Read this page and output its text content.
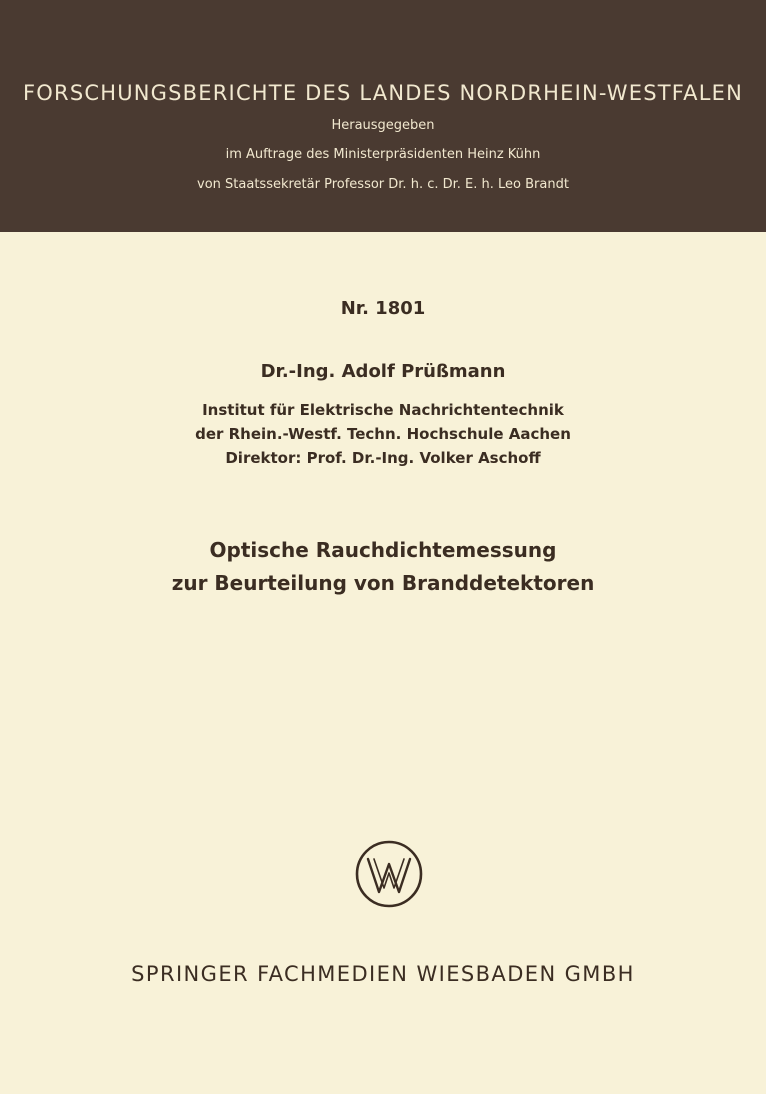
FORSCHUNGSBERICHTE DES LANDES NORDRHEIN-WESTFALEN
Herausgegeben
im Auftrage des Ministerpräsidenten Heinz Kühn
von Staatssekretär Professor Dr. h. c. Dr. E. h. Leo Brandt
Nr. 1801
Dr.-Ing. Adolf Prüßmann
Institut für Elektrische Nachrichtentechnik
der Rhein.-Westf. Techn. Hochschule Aachen
Direktor: Prof. Dr.-Ing. Volker Aschoff
Optische Rauchdichtemessung
zur Beurteilung von Branddetektoren
SPRINGER FACHMEDIEN WIESBADEN GMBH
